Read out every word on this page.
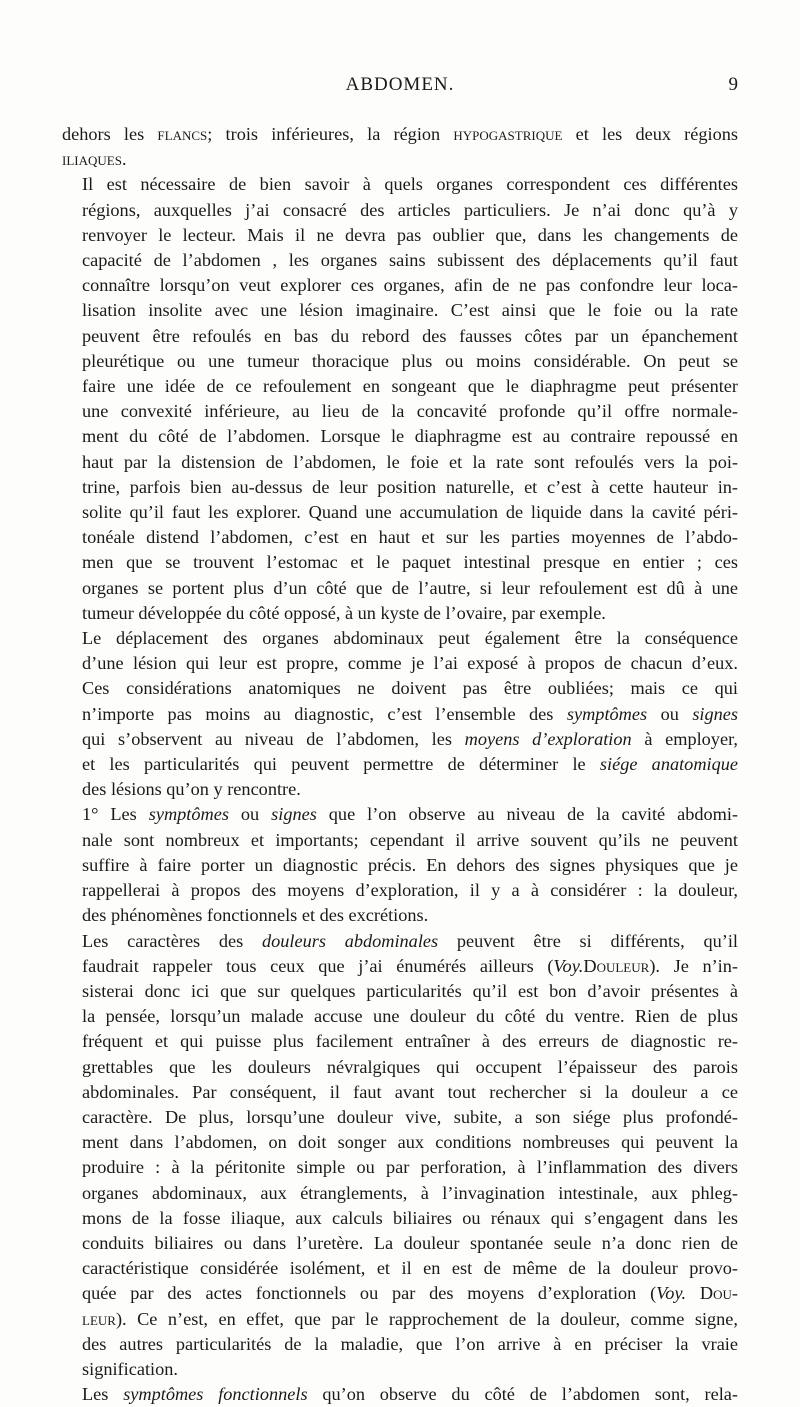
ABDOMEN.	9

dehors les flancs; trois inférieures, la région hypogastrique et les deux régions
iliaques.

Il est nécessaire de bien savoir à quels organes correspondent ces différentes
régions, auxquelles j’ai consacré des articles particuliers. Je n’ai donc qu’à y
renvoyer le lecteur. Mais il ne devra pas oublier que, dans les changements de
capacité de l’abdomen , les organes sains subissent des déplacements qu’il faut
connaître lorsqu’on veut explorer ces organes, afin de ne pas confondre leur loca-
lisation insolite avec une lésion imaginaire. C’est ainsi que le foie ou la rate
peuvent être refoulés en bas du rebord des fausses côtes par un épanchement
pleurétique ou une tumeur thoracique plus ou moins considérable. On peut se
faire une idée de ce refoulement en songeant que le diaphragme peut présenter
une convexité inférieure, au lieu de la concavité profonde qu’il offre normale-
ment du côté de l’abdomen. Lorsque le diaphragme est au contraire repoussé en
haut par la distension de l’abdomen, le foie et la rate sont refoulés vers la poi-
trine, parfois bien au-dessus de leur position naturelle, et c’est à cette hauteur in-
solite qu’il faut les explorer. Quand une accumulation de liquide dans la cavité péri-
tonéale distend l’abdomen, c’est en haut et sur les parties moyennes de l’abdo-
men que se trouvent l’estomac et le paquet intestinal presque en entier ; ces
organes se portent plus d’un côté que de l’autre, si leur refoulement est dû à une
tumeur développée du côté opposé, à un kyste de l’ovaire, par exemple.

Le déplacement des organes abdominaux peut également être la conséquence
d’une lésion qui leur est propre, comme je l’ai exposé à propos de chacun d’eux.
Ces considérations anatomiques ne doivent pas être oubliées; mais ce qui
n’importe pas moins au diagnostic, c’est l’ensemble des symptômes ou signes
qui s’observent au niveau de l’abdomen, les moyens d’exploration à employer,
et les particularités qui peuvent permettre de déterminer le siége anatomique
des lésions qu’on y rencontre.

1° Les symptômes ou signes que l’on observe au niveau de la cavité abdomi-
nale sont nombreux et importants; cependant il arrive souvent qu’ils ne peuvent
suffire à faire porter un diagnostic précis. En dehors des signes physiques que je
rappellerai à propos des moyens d’exploration, il y a à considérer : la douleur,
des phénomènes fonctionnels et des excrétions.

Les caractères des douleurs abdominales peuvent être si différents, qu’il
faudrait rappeler tous ceux que j’ai énumérés ailleurs (Voy.Douleur). Je n’in-
sisterai donc ici que sur quelques particularités qu’il est bon d’avoir présentes à
la pensée, lorsqu’un malade accuse une douleur du côté du ventre. Rien de plus
fréquent et qui puisse plus facilement entraîner à des erreurs de diagnostic re-
grettables que les douleurs névralgiques qui occupent l’épaisseur des parois
abdominales. Par conséquent, il faut avant tout rechercher si la douleur a ce
caractère. De plus, lorsqu’une douleur vive, subite, a son siége plus profondé-
ment dans l’abdomen, on doit songer aux conditions nombreuses qui peuvent la
produire : à la péritonite simple ou par perforation, à l’inflammation des divers
organes abdominaux, aux étranglements, à l’invagination intestinale, aux phleg-
mons de la fosse iliaque, aux calculs biliaires ou rénaux qui s’engagent dans les
conduits biliaires ou dans l’uretère. La douleur spontanée seule n’a donc rien de
caractéristique considérée isolément, et il en est de même de la douleur provo-
quée par des actes fonctionnels ou par des moyens d’exploration (Voy. Dou-
leur). Ce n’est, en effet, que par le rapprochement de la douleur, comme signe,
des autres particularités de la maladie, que l’on arrive à en préciser la vraie
signification.

Les symptômes fonctionnels qu’on observe du côté de l’abdomen sont, rela-
